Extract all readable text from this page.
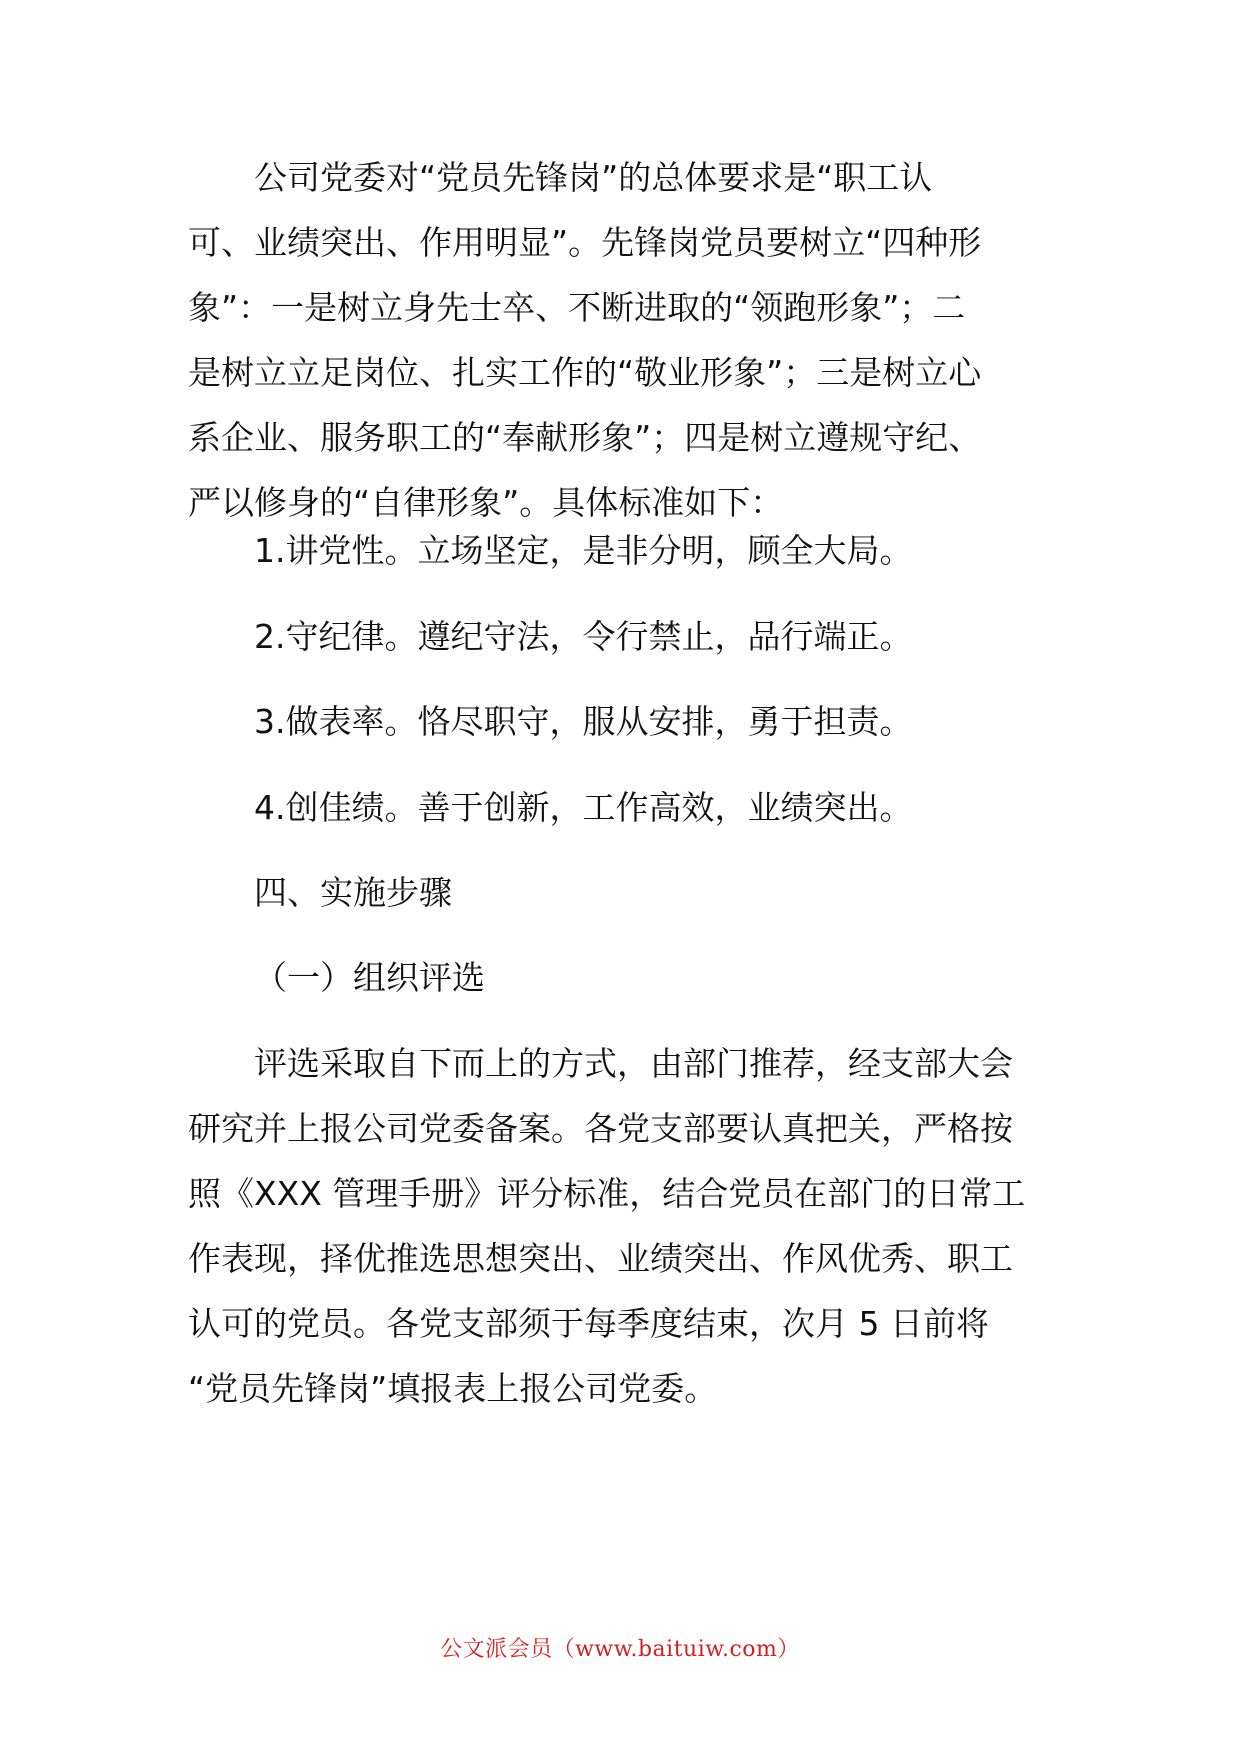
公司党委对“党员先锋岗”的总体要求是“职工认
可、业绩突出、作用明显”。先锋岗党员要树立“四种形
象”：一是树立身先士卒、不断进取的“领跑形象”；二
是树立立足岗位、扎实工作的“敬业形象”；三是树立心
系企业、服务职工的“奉献形象”；四是树立遵规守纪、
严以修身的“自律形象”。具体标准如下：
1.讲党性。立场坚定，是非分明，顾全大局。
2.守纪律。遵纪守法，令行禁止，品行端正。
3.做表率。恪尽职守，服从安排，勇于担责。
4.创佳绩。善于创新，工作高效，业绩突出。
四、实施步骤
（一）组织评选
评选采取自下而上的方式，由部门推荐，经支部大会
研究并上报公司党委备案。各党支部要认真把关，严格按
照《XXX 管理手册》评分标准，结合党员在部门的日常工
作表现，择优推选思想突出、业绩突出、作风优秀、职工
认可的党员。各党支部须于每季度结束，次月 5 日前将
“党员先锋岗”填报表上报公司党委。
公文派会员（www.baituiw.com）
